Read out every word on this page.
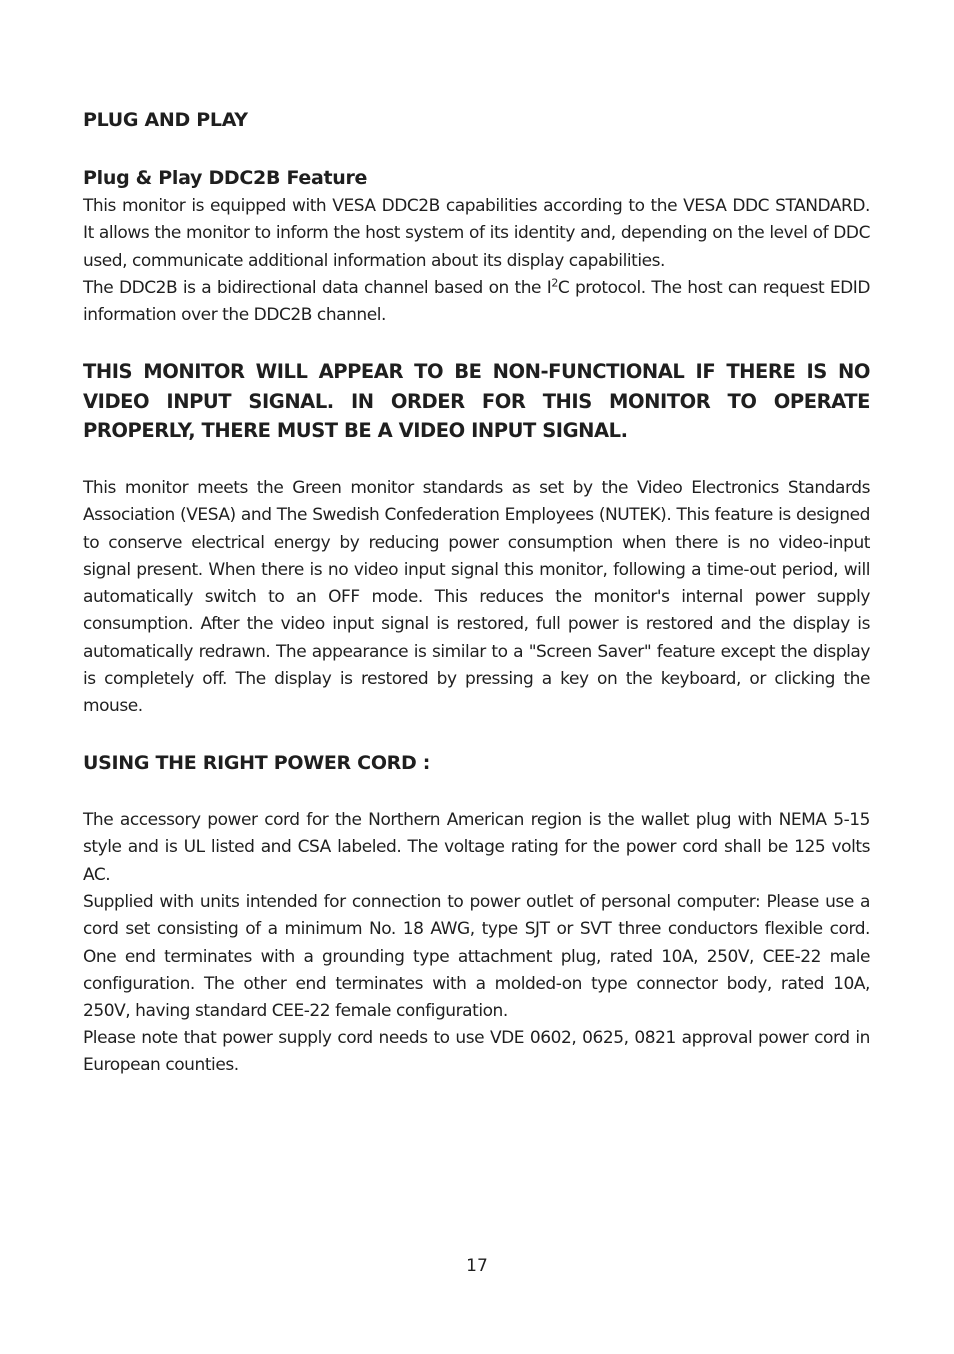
PLUG AND PLAY
Plug & Play DDC2B Feature
This monitor is equipped with VESA DDC2B capabilities according to the VESA DDC STANDARD. It allows the monitor to inform the host system of its identity and, depending on the level of DDC used, communicate additional information about its display capabilities.
The DDC2B is a bidirectional data channel based on the $I^2C$ protocol. The host can request EDID information over the DDC2B channel.
THIS MONITOR WILL APPEAR TO BE NON-FUNCTIONAL IF THERE IS NO VIDEO INPUT SIGNAL. IN ORDER FOR THIS MONITOR TO OPERATE PROPERLY, THERE MUST BE A VIDEO INPUT SIGNAL.
This monitor meets the Green monitor standards as set by the Video Electronics Standards Association (VESA) and The Swedish Confederation Employees (NUTEK). This feature is designed to conserve electrical energy by reducing power consumption when there is no video-input signal present. When there is no video input signal this monitor, following a time-out period, will automatically switch to an OFF mode. This reduces the monitor's internal power supply consumption. After the video input signal is restored, full power is restored and the display is automatically redrawn. The appearance is similar to a "Screen Saver" feature except the display is completely off. The display is restored by pressing a key on the keyboard, or clicking the mouse.
USING THE RIGHT POWER CORD :
The accessory power cord for the Northern American region is the wallet plug with NEMA 5-15 style and is UL listed and CSA labeled. The voltage rating for the power cord shall be 125 volts AC.
Supplied with units intended for connection to power outlet of personal computer: Please use a cord set consisting of a minimum No. 18 AWG, type SJT or SVT three conductors flexible cord. One end terminates with a grounding type attachment plug, rated 10A, 250V, CEE-22 male configuration. The other end terminates with a molded-on type connector body, rated 10A, 250V, having standard CEE-22 female configuration.
Please note that power supply cord needs to use VDE 0602, 0625, 0821 approval power cord in European counties.
17
